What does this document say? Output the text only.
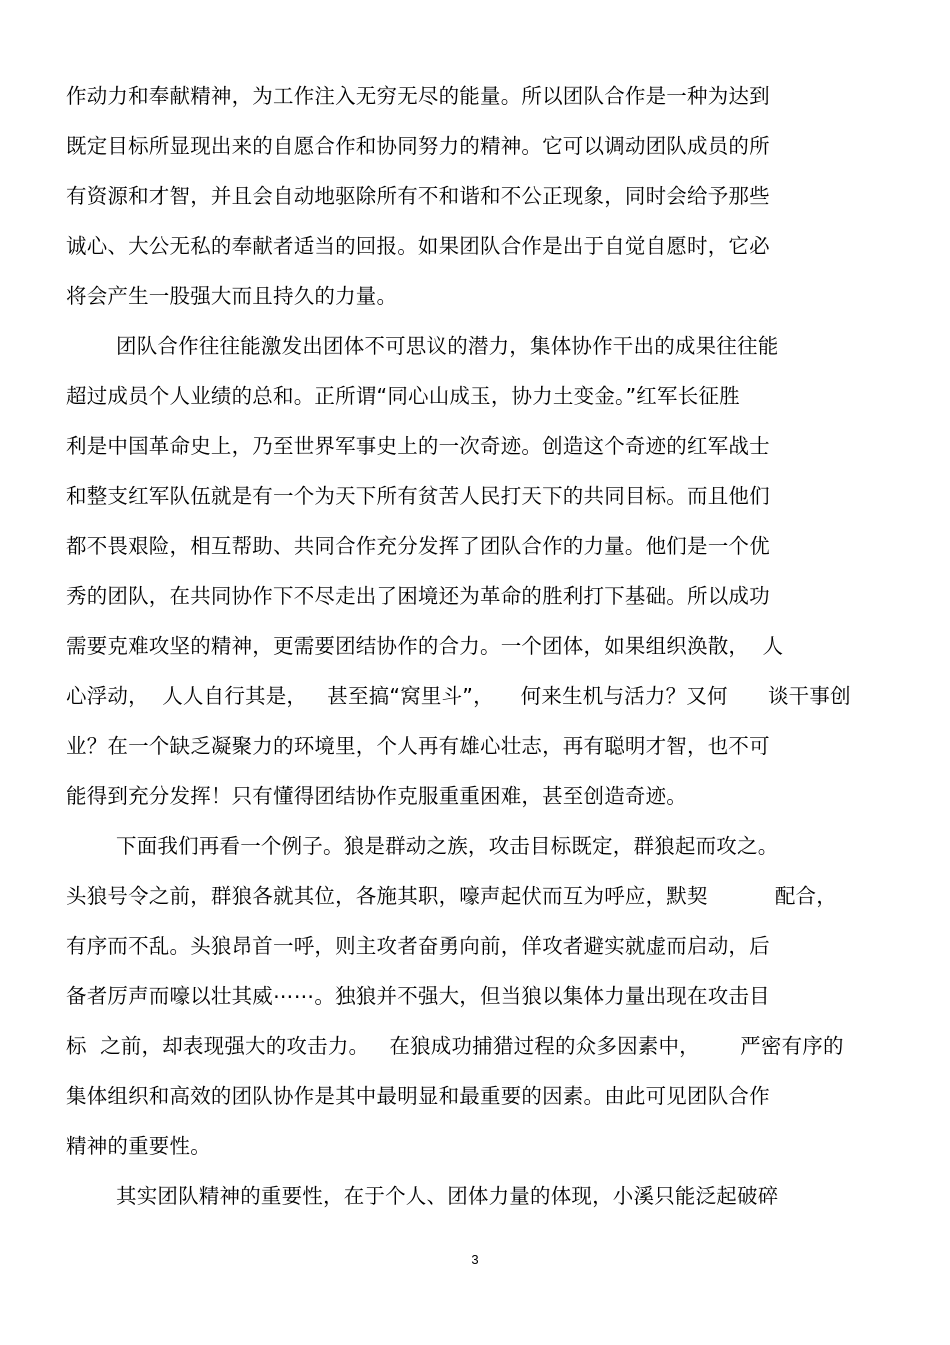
作动力和奉献精神，为工作注入无穷无尽的能量。所以团队合作是一种为达到
既定目标所显现出来的自愿合作和协同努力的精神。它可以调动团队成员的所
有资源和才智，并且会自动地驱除所有不和谐和不公正现象，同时会给予那些
诚心、大公无私的奉献者适当的回报。如果团队合作是出于自觉自愿时，它必
将会产生一股强大而且持久的力量。
团队合作往往能激发出团体不可思议的潜力，集体协作干出的成果往往能
超过成员个人业绩的总和。正所谓“同心山成玉，协力土变金。”红军长征胜
利是中国革命史上，乃至世界军事史上的一次奇迹。创造这个奇迹的红军战士
和整支红军队伍就是有一个为天下所有贫苦人民打天下的共同目标。而且他们
都不畏艰险，相互帮助、共同合作充分发挥了团队合作的力量。他们是一个优
秀的团队，在共同协作下不尽走出了困境还为革命的胜利打下基础。所以成功
需要克难攻坚的精神，更需要团结协作的合力。一个团体，如果组织涣散，  人
心浮动，  人人自行其是，   甚至搞“窝里斗”，    何来生机与活力？又何      谈干事创
业？在一个缺乏凝聚力的环境里，个人再有雄心壮志，再有聪明才智，也不可
能得到充分发挥！只有懂得团结协作克服重重困难，甚至创造奇迹。
下面我们再看一个例子。狼是群动之族，攻击目标既定，群狼起而攻之。
头狼号令之前，群狼各就其位，各施其职，嚎声起伏而互为呼应，默契          配合，
有序而不乱。头狼昂首一呼，则主攻者奋勇向前，佯攻者避实就虚而启动，后
备者厉声而嚎以壮其威⋯⋯。独狼并不强大，但当狼以集体力量出现在攻击目
标  之前，却表现强大的攻击力。   在狼成功捕猎过程的众多因素中，      严密有序的
集体组织和高效的团队协作是其中最明显和最重要的因素。由此可见团队合作
精神的重要性。
其实团队精神的重要性，在于个人、团体力量的体现，小溪只能泛起破碎
3
